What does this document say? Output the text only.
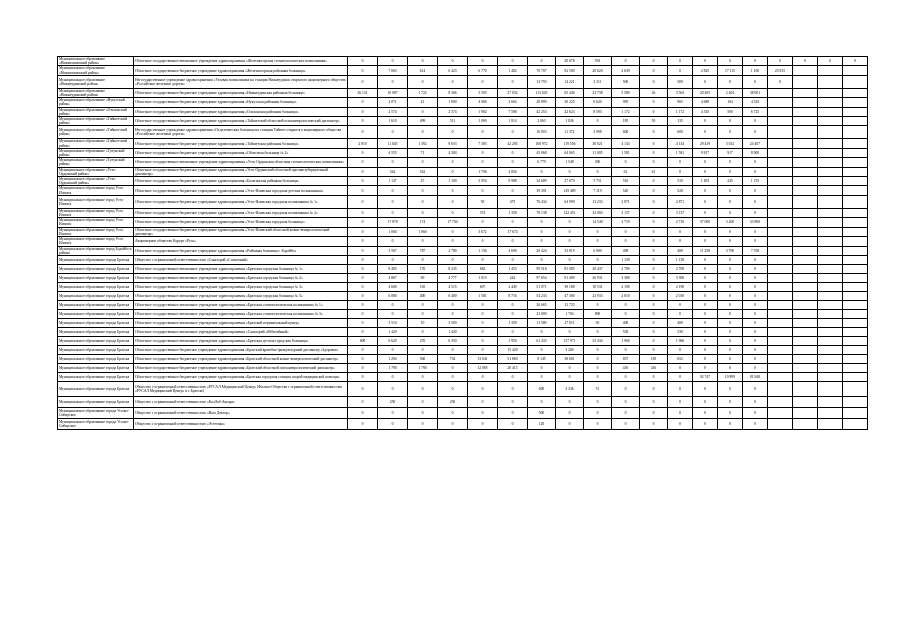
Муниципальное образование «Нижнеилимский район»	Областное государственное автономное учреждение здравоохранения «Железногорская стоматологическая поликлиника»	0	0	0	0	0	0	0	20 678	593	0	0	0	0	0	0	0	0	0	0
Муниципальное образование «Нижнеилимский район»	Областное государственное бюджетное учреждение здравоохранения «Железногорская районная больница»	0	7 063	614	6 423	6 770	1 482	70 707	92 500	20 620	2 639	0	0	2 825	17 115	1 100	25 815			
Муниципальное образование «Нижнеудинский район»	Негосударственное учреждение здравоохранения «Узловая поликлиника на станции Нижнеудинск открытого акционерного общества «Российские железные дороги»	0	0	0	0	0	0	13 793	14 221	3 311	500	0	500	0	0	0	0			
Муниципальное образование «Нижнеудинский район»	Областное государственное бюджетное учреждение здравоохранения «Нижнеудинская районная больница»	26 131	10 087	1 722	8 366	5 505	27 032	113 045	65 446	23 738	5 589	26	3 563	20 405	2 404	38 001				
Муниципальное образование «Нукутский район»	Областное государственное бюджетное учреждение здравоохранения «Нукутская районная больница»	0	2 071	41	1 900	4 066	3 664	28 899	30 225	6 620	995	0	965	4 689	164	4 525				
Муниципальное образование «Ольхонский район»	Областное государственное бюджетное учреждение здравоохранения «Ольхонская районная больница»	0	2 574	0	2 574	1 982	7 588	42 253	42 623	8 593	1 172	0	1 172	4 335	500	6 725				
Муниципальное образование «Тайшетский район»	Областное государственное бюджетное учреждение здравоохранения «Тайшетский областной психоневрологический диспансер»	0	1 610	499	511	1 069	1 914	2 063	1 826	0	185	50	135	0	0	0				
Муниципальное образование «Тайшетский район»	Негосударственное учреждение здравоохранения «Отделенческая больница на станции Тайшет открытого акционерного общества «Российские железные дороги»	0	0	0	0	0	0	16 803	11 372	3 998	600	0	600	0	0	0				
Муниципальное образование «Тайшетский район»	Областное государственное бюджетное учреждение здравоохранения «Тайшетская районная больница»	2 810	11 045	1 392	9 653	7 383	42 285	100 972	119 556	30 021	4 134	0	4 134	29 419	5 012	24 407				
Муниципальное образование «Тулунский район»	Областное государственное бюджетное учреждение здравоохранения «Областная больница № 2»	0	4 555	71	4 284	0	0	45 068	64 065	11 005	1 581	0	1 581	9 817	917	8 900				
Муниципальное образование «Тулунский район»	Областное государственное автономное учреждение здравоохранения «Усть-Ордынская областная стоматологическая поликлиника»	0	0	0	0	0	0	6 779	1 548	300	0	0	0	0	0	0				
Муниципальное образование «Усть-Ордынский район»	Областное государственное бюджетное учреждение здравоохранения «Усть-Ордынский областной противотуберкулезный диспансер»	0	542	542	0	1 706	2 856	0	0	0	61	61	0	0	0	0				
Муниципальное образование «Усть-Ордынский район»	Областное государственное бюджетное учреждение здравоохранения «Балаганская районная больница»	0	1 147	47	1 100	3 954	9 988	34 689	27 679	5 751	510	0	510	1 403	245	1 155				
Муниципальное образование город Усть-Илимск	Областное государственное бюджетное учреждение здравоохранения «Усть-Илимская городская детская поликлиника»	0	0	0	0	0	0	39 391	129 489	7 119	520	0	520	0	0	0				
Муниципальное образование город Усть-Илимск	Областное государственное бюджетное учреждение здравоохранения «Усть-Илимская городская поликлиника № 1»	0	0	0	0	58	475	76 434	64 990	13 233	2 871	0	2 871	0	0	0				
Муниципальное образование город Усть-Илимск	Областное государственное бюджетное учреждение здравоохранения «Усть-Илимская городская поликлиника № 2»	0	0	0	0	374	1 358	78 138	142 451	32 004	3 137	0	3 137	0	0	0				
Муниципальное образование город Усть-Илимск	Областное государственное бюджетное учреждение здравоохранения «Усть-Илимская городская больница»	0	17 878	174	17 704	0	0	0	0	14 540	2 710	0	2 710	37 000	3 200	33 800				
Муниципальное образование город Усть-Илимск	Областное государственное бюджетное учреждение здравоохранения «Усть-Илимский областной кожно-венерологический диспансер»	0	1 060	1 060	0	3 672	17 674	0	0	0	0	0	0	0	0	0				
Муниципальное образование город Усть-Илимск	Акционерное общество Курорт «Русь»	0	0	0	0	0	0	0	0	0	0	0	0	0	0	0				
Муниципальное образование город Бодайбо и района	Областное государственное бюджетное учреждение здравоохранения «Районная больница г. Бодайбо»	0	3 567	787	2 780	1 136	4 690	20 424	33 019	6 900	409	9	400	11 258	3 700	7 558				
Муниципальное образование города Братска	Общество с ограниченной ответственностью «Санаторий «Солнечный»	0	0	0	0	0	0	0	0	0	1 139	0	1 139	0	0	0				
Муниципальное образование города Братска	Областное государственное автономное учреждение здравоохранения «Братская городская больница № 1»	0	8 405	170	8 235	682	1 453	99 518	81 085	20 437	2 709	0	2 709	0	0	0				
Муниципальное образование города Братска	Областное государственное автономное учреждение здравоохранения «Братская городская больница № 2»	0	4 867	90	4 777	1 015	242	97 654	91 409	26 931	3 300	0	3 300	0	0	0				
Муниципальное образование города Братска	Областное государственное автономное учреждение здравоохранения «Братская городская больница № 3»	0	4 680	165	4 515	607	2 449	51 071	39 188	18 531	2 190	0	2 190	0	0	0				
Муниципальное образование города Братска	Областное государственное автономное учреждение здравоохранения «Братская городская больница № 5»	0	6 800	400	6 400	1 581	8 716	54 233	47 300	23 933	2 010	0	2 010	0	0	0				
Муниципальное образование города Братска	Областное государственное автономное учреждение здравоохранения «Братская стоматологическая поликлиника № 1»	0	0	0	0	0	0	26 665	12 725	0	0	0	0	0	0	0				
Муниципальное образование города Братска	Областное государственное автономное учреждение здравоохранения «Братская стоматологическая поликлиника № 3»	0	0	0	0	0	0	23 000	1 704	800	0	0	0	0	0	0				
Муниципальное образование города Братска	Областное государственное автономное учреждение здравоохранения «Братский перинатальный центр»	0	3 510	10	3 500	0	1 359	11 580	27 811	50	400	0	400	0	0	0				
Муниципальное образование города Братска	Областное государственное автономное учреждение здравоохранения «Санаторий «Юбилейный»	0	1 420	0	1 420	0	0	0	0	0	530	0	530	0	0	0				
Муниципальное образование города Братска	Областное государственное автономное учреждение здравоохранения «Братская детская городская больница»	600	6 620	270	6 350	0	1 950	61 433	157 971	33 434	1 960	0	1 960	0	0	0				
Муниципальное образование города Братска	Областное государственное бюджетное учреждение здравоохранения «Братский врачебно-физкультурный диспансер «Здоровье»	0	0	0	0	0	15 429	0	3 200	0	0	0	0	0	0	0				
Муниципальное образование города Братска	Областное государственное бюджетное учреждение здравоохранения «Братский областной кожно-венерологический диспансер»	0	1 294	560	734	13 041	51 860	8 145	38 601	0	837	185	652	0	0	0				
Муниципальное образование города Братска	Областное государственное бюджетное учреждение здравоохранения «Братский областной психоневрологический диспансер»	0	1 790	1 790	0	12 085	20 415	0	0	0	416	416	0	0	0	0				
Муниципальное образование города Братска	Областное государственное бюджетное учреждение здравоохранения «Братская городская станция скорой медицинской помощи»	0	0	0	0	0	0	0	0	0	0	0	0	92 747	10 899	81 848				
Муниципальное образование города Братска	Общество с ограниченной ответственностью «РУСАЛ Медицинский Центр» (Филиал Общества с ограниченной ответственностью «РУСАЛ Медицинский Центр» в г. Братске)	0	0	0	0	0	0	600	3 336	51	0	0	0	0	0	0				
Муниципальное образование города Братска	Общество с ограниченной ответственностью «КолЛаб-Ангара»	0	250	0	250	0	0	0	0	0	0	0	0	0	0	0				
Муниципальное образование города Усолье-Сибирское	Общество с ограниченной ответственностью «Ваш Доктор»	0	0	0	0	0	0	500	0	0	0	0	0	0	0	0				
Муниципальное образование города Усолье-Сибирское	Общество с ограниченной ответственностью «Эстетика»	0	0	0	0	0	0	120	0	0	0	0	0	0	0	0				
